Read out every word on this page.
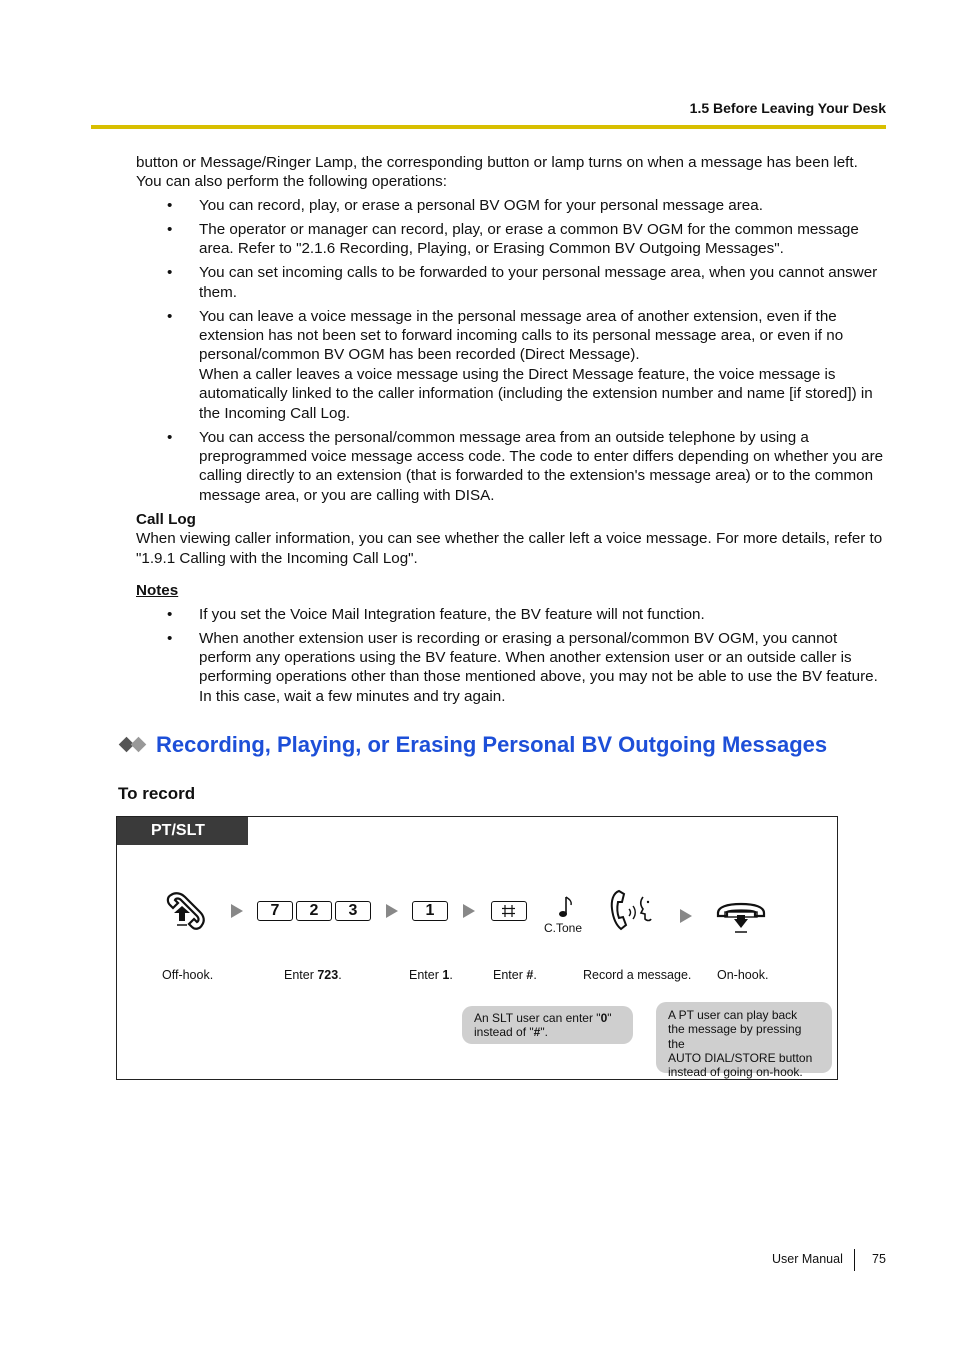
1.5 Before Leaving Your Desk

button or Message/Ringer Lamp, the corresponding button or lamp turns on when a message has been left.

You can also perform the following operations:

• You can record, play, or erase a personal BV OGM for your personal message area.
• The operator or manager can record, play, or erase a common BV OGM for the common message area. Refer to "2.1.6 Recording, Playing, or Erasing Common BV Outgoing Messages".
• You can set incoming calls to be forwarded to your personal message area, when you cannot answer them.
• You can leave a voice message in the personal message area of another extension, even if the extension has not been set to forward incoming calls to its personal message area, or even if no personal/common BV OGM has been recorded (Direct Message).
When a caller leaves a voice message using the Direct Message feature, the voice message is automatically linked to the caller information (including the extension number and name [if stored]) in the Incoming Call Log.
• You can access the personal/common message area from an outside telephone by using a preprogrammed voice message access code. The code to enter differs depending on whether you are calling directly to an extension (that is forwarded to the extension's message area) or to the common message area, or you are calling with DISA.
Call Log

When viewing caller information, you can see whether the caller left a voice message. For more details, refer to "1.9.1 Calling with the Incoming Call Log".

Notes
• If you set the Voice Mail Integration feature, the BV feature will not function.
• When another extension user is recording or erasing a personal/common BV OGM, you cannot perform any operations using the BV feature. When another extension user or an outside caller is performing operations other than those mentioned above, you may not be able to use the BV feature. In this case, wait a few minutes and try again.
Recording, Playing, or Erasing Personal BV Outgoing Messages
To record
PT/SLT
7	2	3	1
C.Tone
Off-hook.	Enter 723.	Enter 1.	Enter #.	Record a message. On-hook.
An SLT user can enter "0"
instead of "#".
A PT user can play back
the message by pressing the
AUTO DIAL/STORE button
instead of going on-hook.
User Manual 75
